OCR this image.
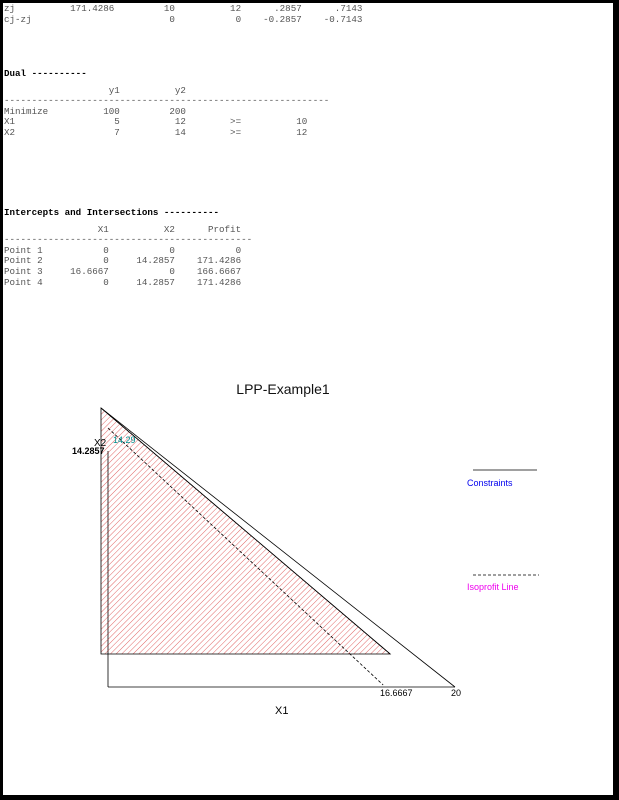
zj          171.4286         10          12      .2857      .7143
cj-zj                         0           0    -0.2857    -0.7143
Dual ----------
y1          y2
-----------------------------------------------------------
Minimize          100         200
X1                  5          12        >=          10
X2                  7          14        >=          12
Intercepts and Intersections ----------
X1          X2      Profit
---------------------------------------------
Point 1           0           0           0
Point 2           0     14.2857    171.4286
Point 3     16.6667           0    166.6667
Point 4           0     14.2857    171.4286
LPP-Example1
16.6667	20
14.2857
14.29
X2
X1
Constraints
Isoprofit Line
